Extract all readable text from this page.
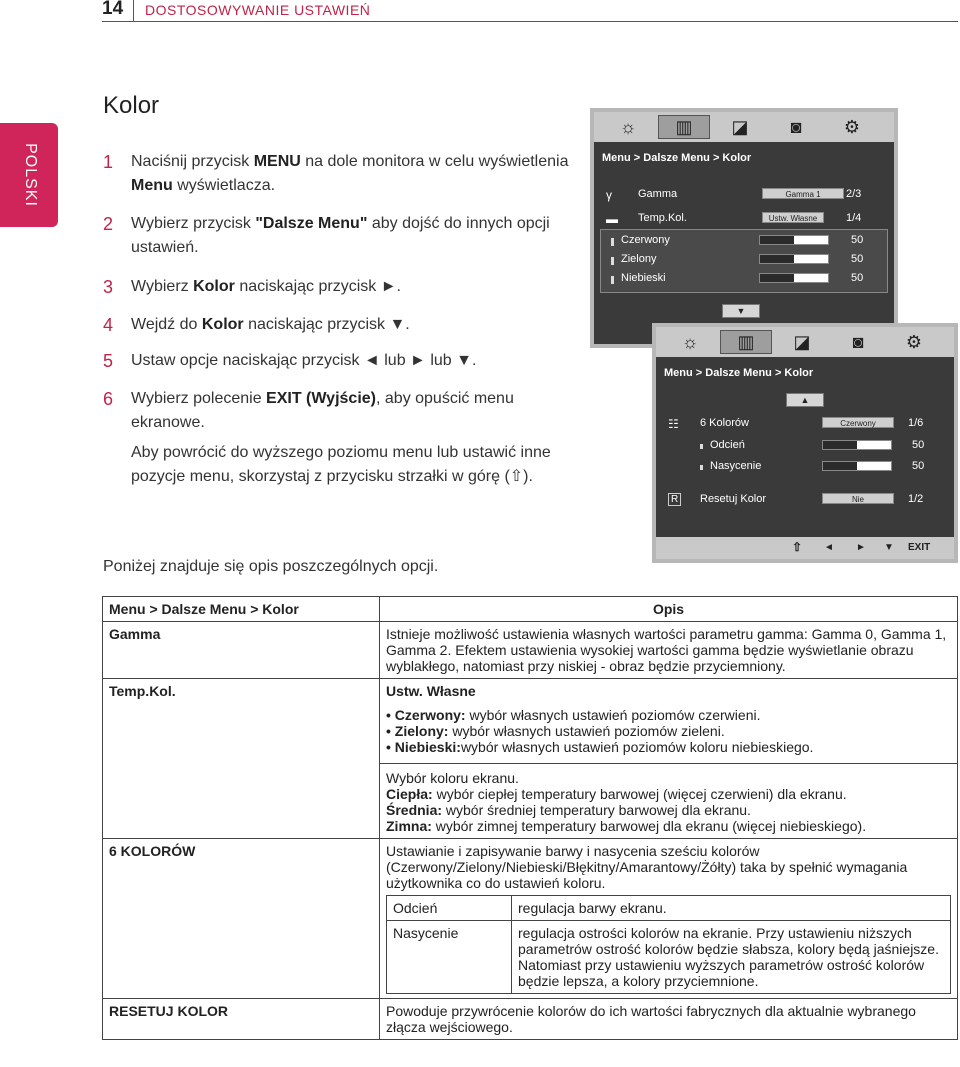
14 DOSTOSOWYWANIE USTAWIEŃ
POLSKI
Kolor
1	Naciśnij przycisk MENU na dole monitora w celu wyświetlenia Menu wyświetlacza.
2	Wybierz przycisk "Dalsze Menu" aby dojść do innych opcji ustawień.
3	Wybierz Kolor naciskając przycisk ►.
4	Wejdź do Kolor naciskając przycisk ▼.
5	Ustaw opcje naciskając przycisk ◄ lub ► lub ▼.
6	Wybierz polecenie EXIT (Wyjście), aby opuścić menu ekranowe.
Aby powrócić do wyższego poziomu menu lub ustawić inne pozycje menu, skorzystaj z przycisku strzałki w górę (⇧).
Poniżej znajduje się opis poszczególnych opcji.
☼	▥	◪	◙	⚙
Menu > Dalsze Menu > Kolor
γ Gamma	Gamma 1	2/3
▬ Temp.Kol.	Ustw. Własne	1/4
Czerwony	50
Zielony	50
Niebieski	50
▼
☼	▥	◪	◙	⚙
Menu > Dalsze Menu > Kolor
▲
☷ 6 Kolorów	Czerwony	1/6
Odcień	50
Nasycenie	50
R Resetuj Kolor	Nie	1/2
⇧ ◄ ► ▼ EXIT
Menu > Dalsze Menu > Kolor	Opis
Gamma	Istnieje możliwość ustawienia własnych wartości parametru gamma: Gamma 0, Gamma 1, Gamma 2. Efektem ustawienia wysokiej wartości gamma będzie wyświetlanie obrazu wyblakłego, natomiast przy niskiej - obraz będzie przyciemniony.
Temp.Kol.	Ustw. Własne

• Czerwony: wybór własnych ustawień poziomów czerwieni.

• Zielony: wybór własnych ustawień poziomów zieleni.

• Niebieski:wybór własnych ustawień poziomów koloru niebieskiego.

Wybór koloru ekranu.

Ciepła: wybór ciepłej temperatury barwowej (więcej czerwieni) dla ekranu.

Średnia: wybór średniej temperatury barwowej dla ekranu.

Zimna: wybór zimnej temperatury barwowej dla ekranu (więcej niebieskiego).

6 KOLORÓW	Ustawianie i zapisywanie barwy i nasycenia sześciu kolorów (Czerwony/Zielony/Niebieski/Błękitny/Amarantowy/Żółty) taka by spełnić wymagania użytkownika co do ustawień koloru.

Odcień	regulacja barwy ekranu.
Nasycenie	regulacja ostrości kolorów na ekranie. Przy ustawieniu niższych parametrów ostrość kolorów będzie słabsza, kolory będą jaśniejsze. Natomiast przy ustawieniu wyższych parametrów ostrość kolorów będzie lepsza, a kolory przyciemnione.

RESETUJ KOLOR	Powoduje przywrócenie kolorów do ich wartości fabrycznych dla aktualnie wybranego złącza wejściowego.
